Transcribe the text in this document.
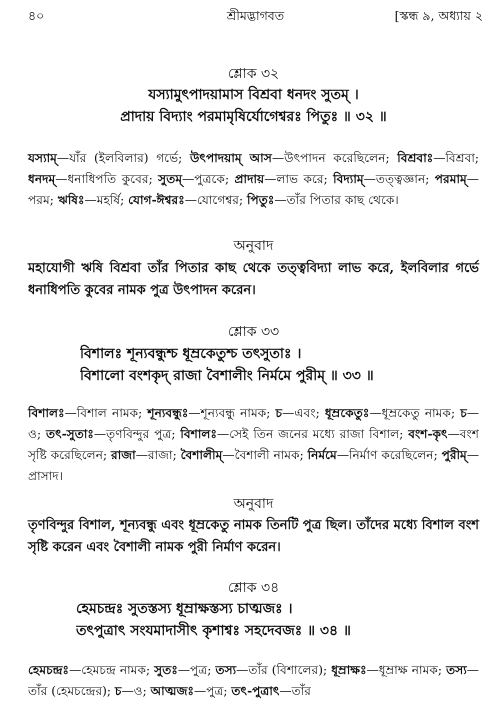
৪০	শ্রীমদ্ভাগবত	[স্কন্ধ ৯, অধ্যায় ২
শ্লোক ৩২
যস্যামুৎপাদয়ামাস বিশ্রবা ধনদং সুতম্ ।
প্রাদায় বিদ্যাং পরমামৃষির্যোগেশ্বরঃ পিতুঃ ॥ ৩২ ॥
যস্যাম্—যাঁর (ইলবিলার) গর্ভে; উৎপাদয়াম্ আস—উৎপাদন করেছিলেন; বিশ্রবাঃ—বিশ্রবা; ধনদম্—ধনাধিপতি কুবের; সুতম্—পুত্রকে; প্রাদায়—লাভ করে; বিদ্যাম্—তত্ত্বজ্ঞান; পরমাম্—পরম; ঋষিঃ—মহর্ষি; যোগ-ঈশ্বরঃ—যোগেশ্বর; পিতুঃ—তাঁর পিতার কাছ থেকে।
অনুবাদ
মহাযোগী ঋষি বিশ্রবা তাঁর পিতার কাছ থেকে তত্ত্ববিদ্যা লাভ করে, ইলবিলার গর্ভে ধনাধিপতি কুবের নামক পুত্র উৎপাদন করেন।
শ্লোক ৩৩
বিশালঃ শূন্যবন্ধুশ্চ ধূম্রকেতুশ্চ তৎসুতাঃ ।
বিশালো বংশকৃদ্ রাজা বৈশালীং নির্মমে পুরীম্ ॥ ৩৩ ॥
বিশালঃ—বিশাল নামক; শূন্যবন্ধুঃ—শূন্যবন্ধু নামক; চ—এবং; ধূম্রকেতুঃ—ধূম্রকেতু নামক; চ—ও; তৎ-সুতাঃ—তৃণবিন্দুর পুত্র; বিশালঃ—সেই তিন জনের মধ্যে রাজা বিশাল; বংশ-কৃৎ—বংশ সৃষ্টি করেছিলেন; রাজা—রাজা; বৈশালীম্—বৈশালী নামক; নির্মমে—নির্মাণ করেছিলেন; পুরীম্—প্রাসাদ।
অনুবাদ
তৃণবিন্দুর বিশাল, শূন্যবন্ধু এবং ধূম্রকেতু নামক তিনটি পুত্র ছিল। তাঁদের মধ্যে বিশাল বংশ সৃষ্টি করেন এবং বৈশালী নামক পুরী নির্মাণ করেন।
শ্লোক ৩৪
হেমচন্দ্রঃ সুতস্তস্য ধূম্রাক্ষস্তস্য চাত্মজঃ ।
তৎপুত্রাৎ সংযমাদাসীৎ কৃশাশ্বঃ সহদেবজঃ ॥ ৩৪ ॥
হেমচন্দ্রঃ—হেমচন্দ্র নামক; সুতঃ—পুত্র; তস্য—তাঁর (বিশালের); ধূম্রাক্ষঃ—ধূম্রাক্ষ নামক; তস্য—তাঁর (হেমচন্দ্রের); চ—ও; আত্মজঃ—পুত্র; তৎ-পুত্রাৎ—তাঁর
